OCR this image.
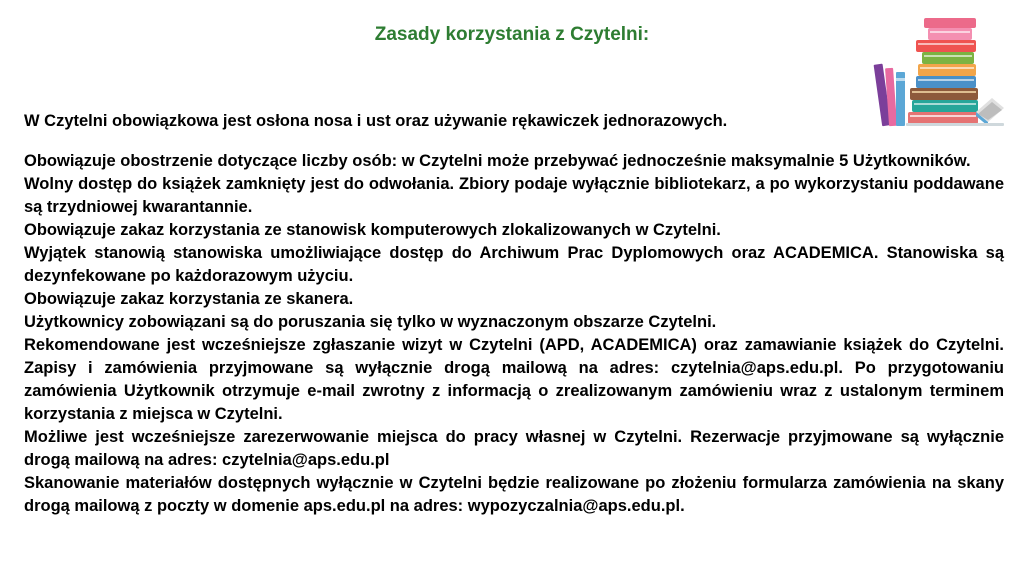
Zasady korzystania z Czytelni:

W Czytelni obowiązkowa jest osłona nosa i ust oraz używanie rękawiczek jednorazowych.

Obowiązuje obostrzenie dotyczące liczby osób: w Czytelni może przebywać jednocześnie maksymalnie 5 Użytkowników.
Wolny dostęp do książek zamknięty jest do odwołania. Zbiory podaje wyłącznie bibliotekarz, a po wykorzystaniu poddawane są trzydniowej kwarantannie.
Obowiązuje zakaz korzystania ze stanowisk komputerowych zlokalizowanych w Czytelni.
Wyjątek stanowią stanowiska umożliwiające dostęp do Archiwum Prac Dyplomowych oraz ACADEMICA. Stanowiska są dezynfekowane po każdorazowym użyciu.
Obowiązuje zakaz korzystania ze skanera.
Użytkownicy zobowiązani są do poruszania się tylko w wyznaczonym obszarze Czytelni.
Rekomendowane jest wcześniejsze zgłaszanie wizyt w Czytelni (APD, ACADEMICA) oraz zamawianie książek do Czytelni. Zapisy i zamówienia przyjmowane są wyłącznie drogą mailową na adres: czytelnia@aps.edu.pl. Po przygotowaniu zamówienia Użytkownik otrzymuje e-mail zwrotny z informacją o zrealizowanym zamówieniu wraz z ustalonym terminem korzystania z miejsca w Czytelni.
Możliwe jest wcześniejsze zarezerwowanie miejsca do pracy własnej w Czytelni. Rezerwacje przyjmowane są wyłącznie drogą mailową na adres: czytelnia@aps.edu.pl
Skanowanie materiałów dostępnych wyłącznie w Czytelni będzie realizowane po złożeniu formularza zamówienia na skany drogą mailową z poczty w domenie aps.edu.pl na adres: wypozyczalnia@aps.edu.pl.
